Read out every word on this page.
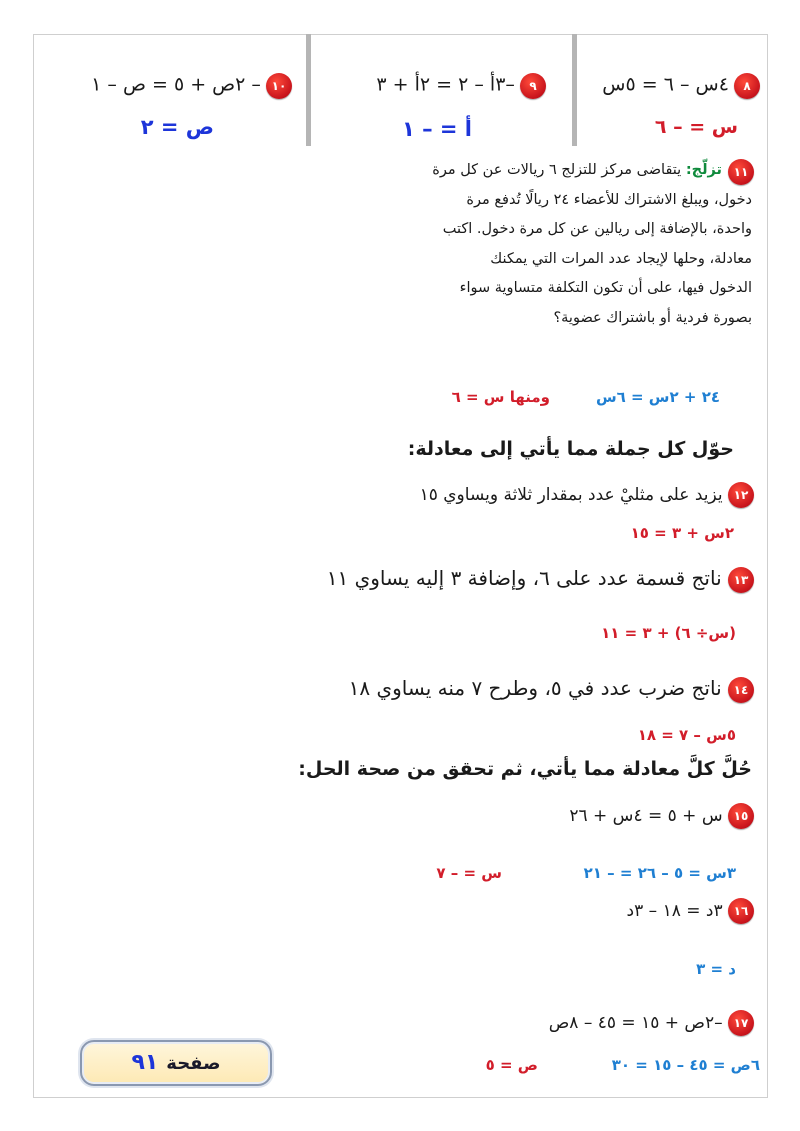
٨ ٤س – ٦ = ٥س
س = – ٦
٩ –٣أ – ٢ = ٢أ + ٣
أ = – ١
١٠ – ٢ص + ٥ = ص – ١
ص = ٢
١١
تزلّج: يتقاضى مركز للتزلج ٦ ريالات عن كل مرة
دخول، ويبلغ الاشتراك للأعضاء ٢٤ ريالًا تُدفع مرة
واحدة، بالإضافة إلى ريالين عن كل مرة دخول. اكتب
معادلة، وحلها لإيجاد عدد المرات التي يمكنك
الدخول فيها، على أن تكون التكلفة متساوية سواء
بصورة فردية أو باشتراك عضوية؟
٢٤ + ٢س = ٦س
ومنها س = ٦
حوّل كل جملة مما يأتي إلى معادلة:
١٢ يزيد على مثليْ عدد بمقدار ثلاثة ويساوي ١٥
٢س + ٣ = ١٥
١٣ ناتج قسمة عدد على ٦، وإضافة ٣ إليه يساوي ١١
(س÷ ٦) + ٣ = ١١
١٤ ناتج ضرب عدد في ٥، وطرح ٧ منه يساوي ١٨
٥س – ٧ = ١٨
حُلَّ كلَّ معادلة مما يأتي، ثم تحقق من صحة الحل:
١٥ س + ٥ = ٤س + ٢٦
٣س = ٥ – ٢٦ = – ٢١
س = – ٧
١٦ ٣د = ١٨ – ٣د
د = ٣
١٧ –٢ص + ١٥ = ٤٥ – ٨ص
٦ص = ٤٥ – ١٥ = ٣٠
ص = ٥
صفحة٩١
